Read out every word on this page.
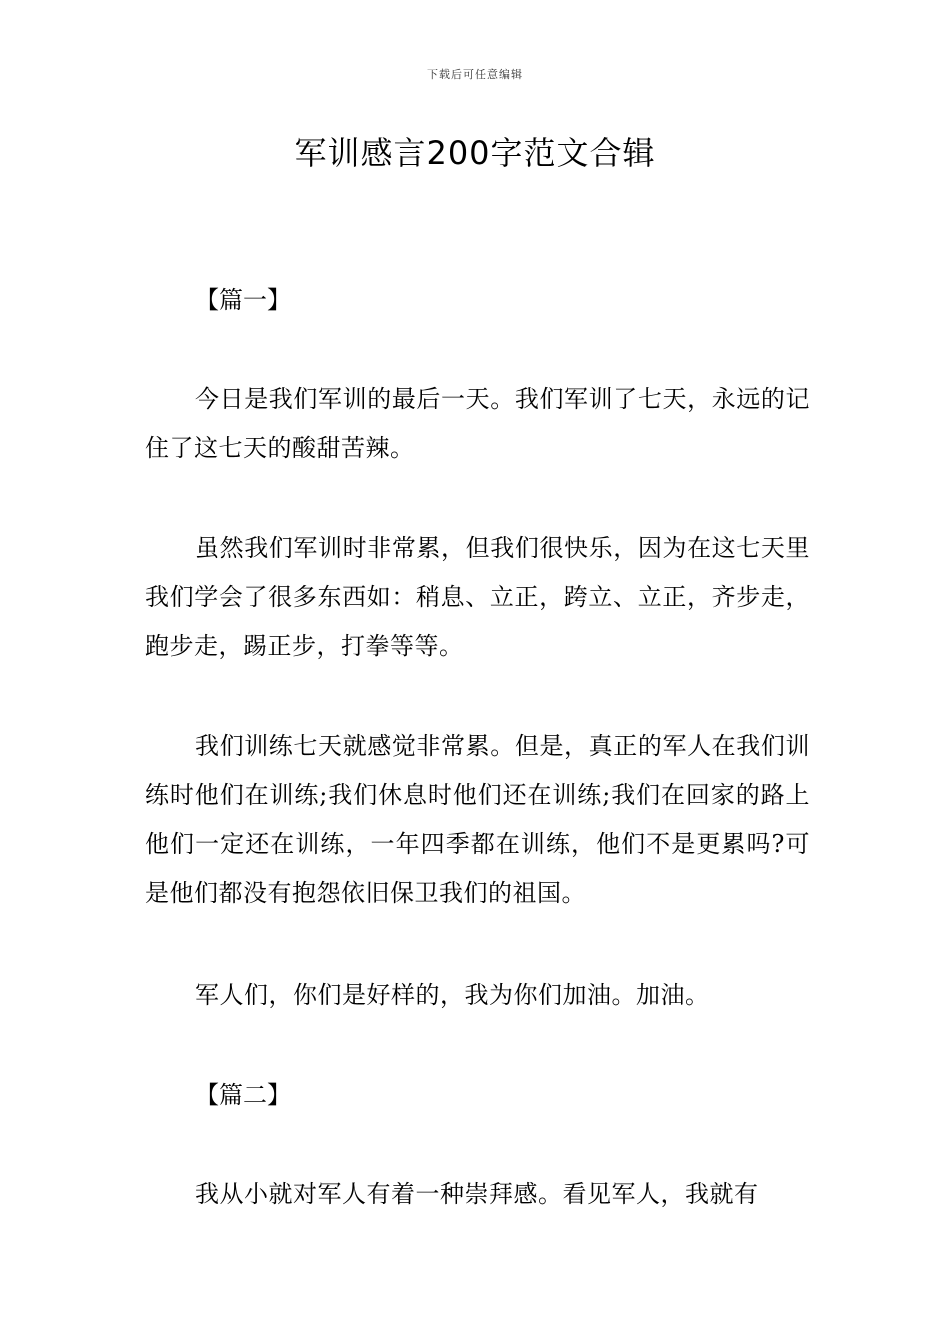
下载后可任意编辑
军训感言200字范文合辑
【篇一】

今日是我们军训的最后一天。我们军训了七天，永远的记住了这七天的酸甜苦辣。

虽然我们军训时非常累，但我们很快乐，因为在这七天里我们学会了很多东西如：稍息、立正，跨立、立正，齐步走，跑步走，踢正步，打拳等等。

我们训练七天就感觉非常累。但是，真正的军人在我们训练时他们在训练;我们休息时他们还在训练;我们在回家的路上他们一定还在训练，一年四季都在训练，他们不是更累吗?可是他们都没有抱怨依旧保卫我们的祖国。

军人们，你们是好样的，我为你们加油。加油。

【篇二】

我从小就对军人有着一种崇拜感。看见军人，我就有
